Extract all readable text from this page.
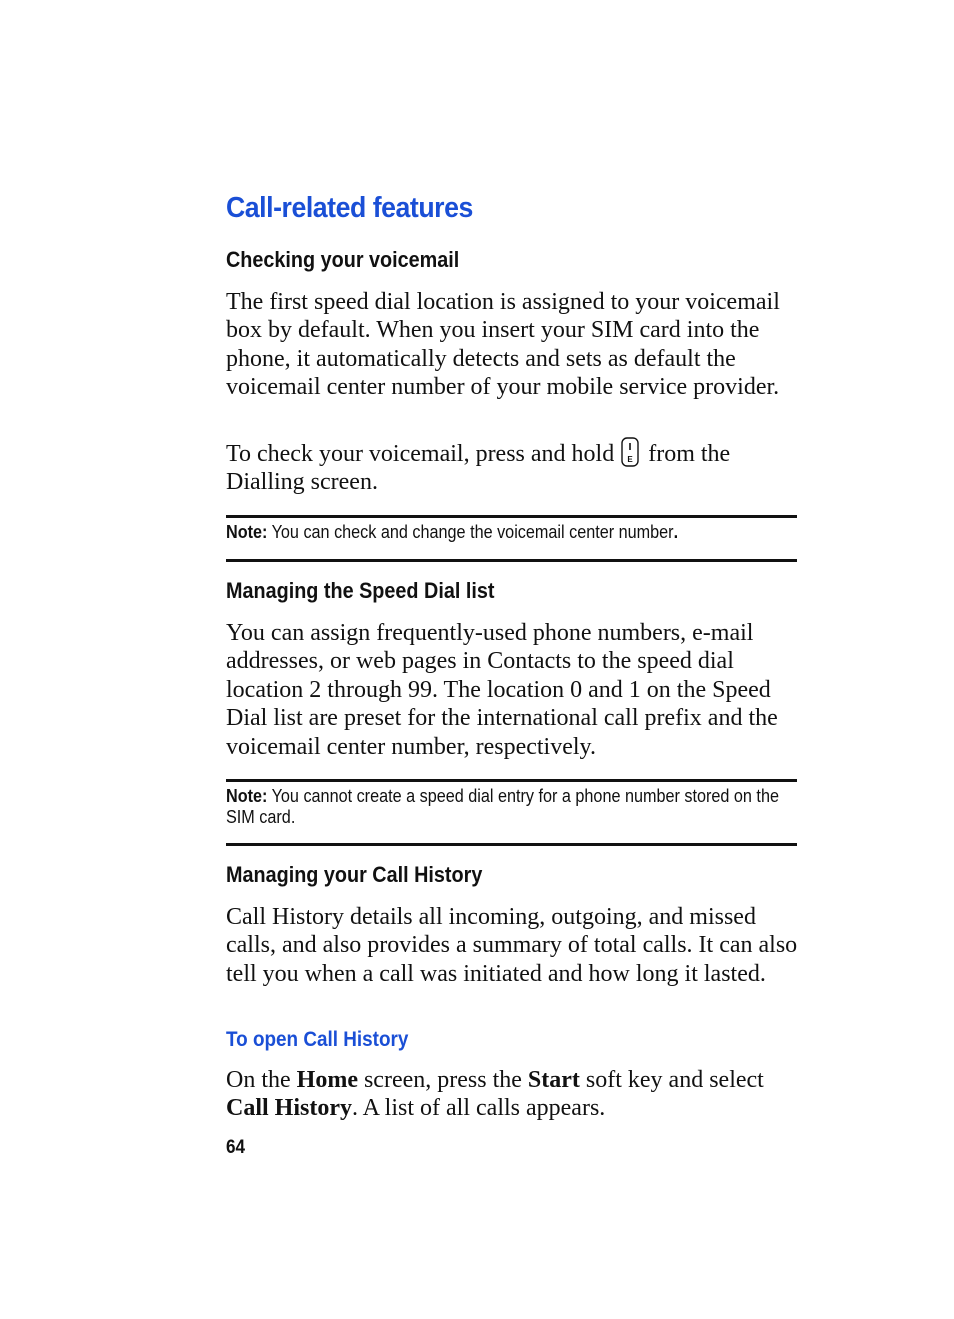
Call-related features
Checking your voicemail
The first speed dial location is assigned to your voicemail box by default. When you insert your SIM card into the phone, it automatically detects and sets as default the voicemail center number of your mobile service provider.
To check your voicemail, press and hold E from the Dialling screen.
Note: You can check and change the voicemail center number.
Managing the Speed Dial list
You can assign frequently-used phone numbers, e-mail addresses, or web pages in Contacts to the speed dial location 2 through 99. The location 0 and 1 on the Speed Dial list are preset for the international call prefix and the voicemail center number, respectively.
Note: You cannot create a speed dial entry for a phone number stored on the SIM card.
Managing your Call History
Call History details all incoming, outgoing, and missed calls, and also provides a summary of total calls. It can also tell you when a call was initiated and how long it lasted.
To open Call History
On the Home screen, press the Start soft key and select Call History. A list of all calls appears.
64
